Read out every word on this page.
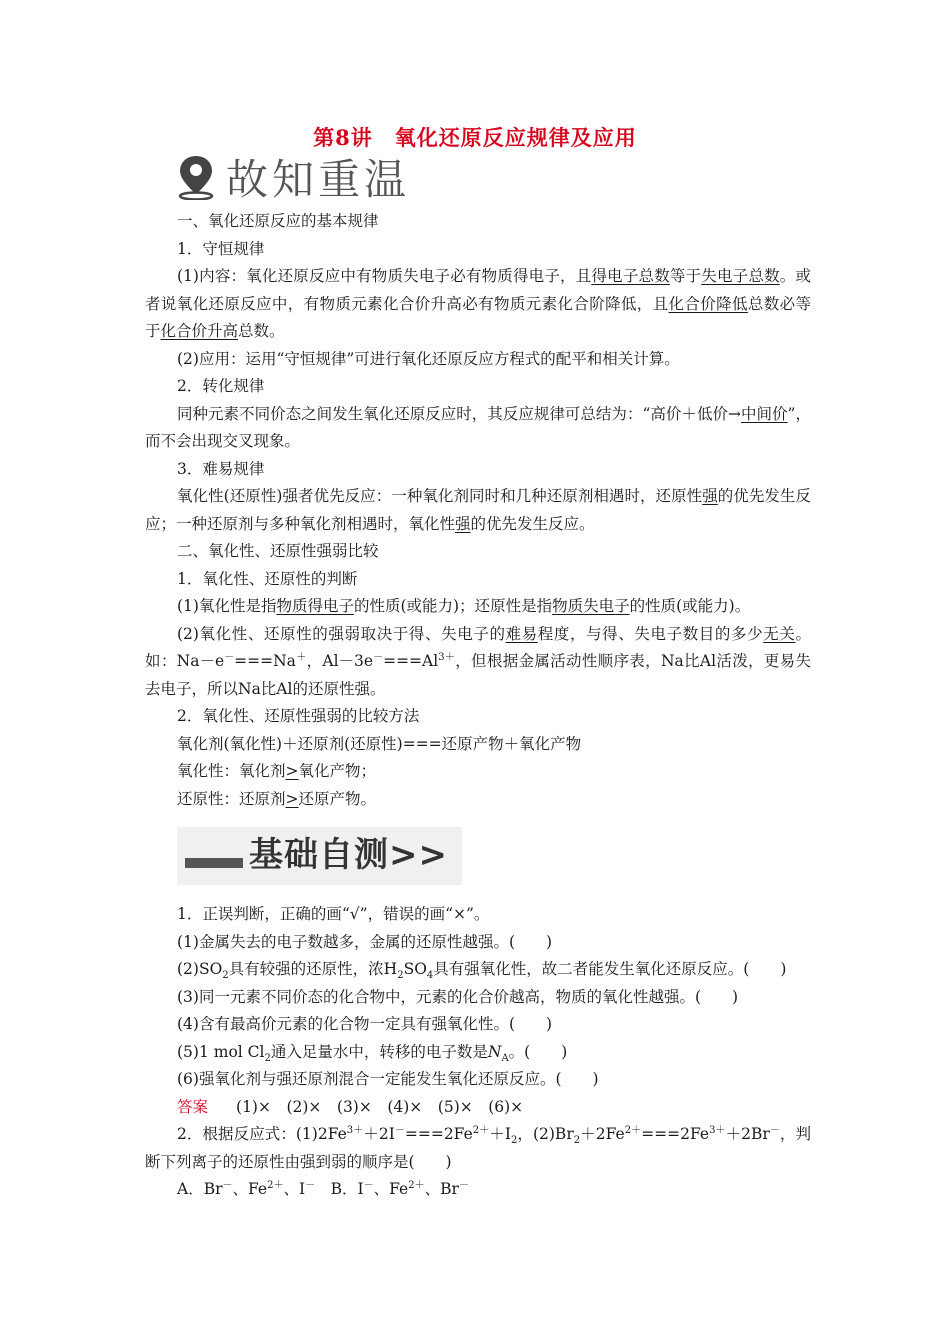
第8讲　氧化还原反应规律及应用
故知重温

一、氧化还原反应的基本规律

1．守恒规律

(1)内容：氧化还原反应中有物质失电子必有物质得电子，且得电子总数等于失电子总数。或者说氧化还原反应中，有物质元素化合价升高必有物质元素化合阶降低，且化合价降低总数必等于化合价升高总数。

(2)应用：运用“守恒规律”可进行氧化还原反应方程式的配平和相关计算。

2．转化规律

同种元素不同价态之间发生氧化还原反应时，其反应规律可总结为：“高价＋低价→中间价”，而不会出现交叉现象。

3．难易规律

氧化性(还原性)强者优先反应：一种氧化剂同时和几种还原剂相遇时，还原性强的优先发生反应；一种还原剂与多种氧化剂相遇时，氧化性强的优先发生反应。

二、氧化性、还原性强弱比较

1．氧化性、还原性的判断

(1)氧化性是指物质得电子的性质(或能力)；还原性是指物质失电子的性质(或能力)。

(2)氧化性、还原性的强弱取决于得、失电子的难易程度，与得、失电子数目的多少无关。如：Na－e－===Na＋，$Al-3e^-===Al^{3+}$，但根据金属活动性顺序表，Na比Al活泼，更易失去电子，所以Na比Al的还原性强。

2．氧化性、还原性强弱的比较方法

氧化剂(氧化性)＋还原剂(还原性)===还原产物＋氧化产物

氧化性：氧化剂>氧化产物；

还原性：还原剂>还原产物。

基础自测>>

1．正误判断，正确的画“√”，错误的画“×”。

(1)金属失去的电子数越多，金属的还原性越强。(　　)

$(2)SO_2$具有较强的还原性，浓$H_2SO_4$具有强氧化性，故二者能发生氧化还原反应。(　　)

(3)同一元素不同价态的化合物中，元素的化合价越高，物质的氧化性越强。(　　)

(4)含有最高价元素的化合物一定具有强氧化性。(　　)

(5)1 mol $Cl_2$通入足量水中，转移的电子数是$N_A$。(　　)

(6)强氧化剂与强还原剂混合一定能发生氧化还原反应。(　　)

答案 (1)×　(2)×　(3)×　(4)×　(5)×　(6)×

2．根据反应式：$(1)2Fe^{3+}+2I^-===2Fe^{2+}+I_2$，$(2)Br_2+2Fe^{2+}===2Fe^{3+}+2Br^-$，判断下列离子的还原性由强到弱的顺序是(　　)

A．Br－、$Fe^{2+}$、I－　 B．I－、$Fe^{2+}$、Br－
